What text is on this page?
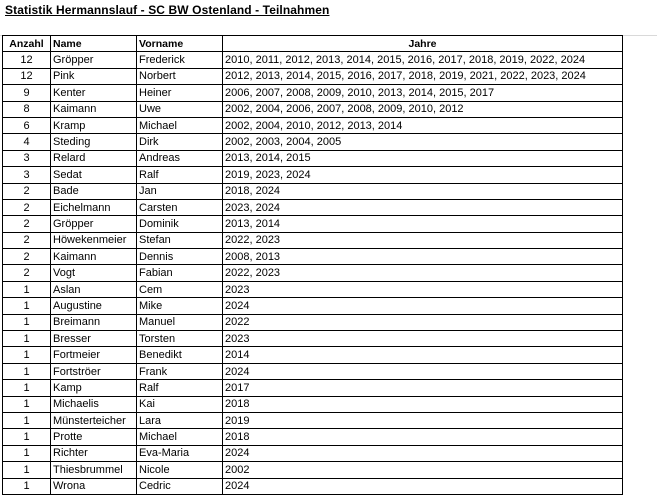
Statistik Hermannslauf - SC BW Ostenland - Teilnahmen
Anzahl	Name	Vorname	Jahre
12	Gröpper	Frederick	2010, 2011, 2012, 2013, 2014, 2015, 2016, 2017, 2018, 2019, 2022, 2024
12	Pink	Norbert	2012, 2013, 2014, 2015, 2016, 2017, 2018, 2019, 2021, 2022, 2023, 2024
9	Kenter	Heiner	2006, 2007, 2008, 2009, 2010, 2013, 2014, 2015, 2017
8	Kaimann	Uwe	2002, 2004, 2006, 2007, 2008, 2009, 2010, 2012
6	Kramp	Michael	2002, 2004, 2010, 2012, 2013, 2014
4	Steding	Dirk	2002, 2003, 2004, 2005
3	Relard	Andreas	2013, 2014, 2015
3	Sedat	Ralf	2019, 2023, 2024
2	Bade	Jan	2018, 2024
2	Eichelmann	Carsten	2023, 2024
2	Gröpper	Dominik	2013, 2014
2	Höwekenmeier	Stefan	2022, 2023
2	Kaimann	Dennis	2008, 2013
2	Vogt	Fabian	2022, 2023
1	Aslan	Cem	2023
1	Augustine	Mike	2024
1	Breimann	Manuel	2022
1	Bresser	Torsten	2023
1	Fortmeier	Benedikt	2014
1	Fortströer	Frank	2024
1	Kamp	Ralf	2017
1	Michaelis	Kai	2018
1	Münsterteicher	Lara	2019
1	Protte	Michael	2018
1	Richter	Eva-Maria	2024
1	Thiesbrummel	Nicole	2002
1	Wrona	Cedric	2024
